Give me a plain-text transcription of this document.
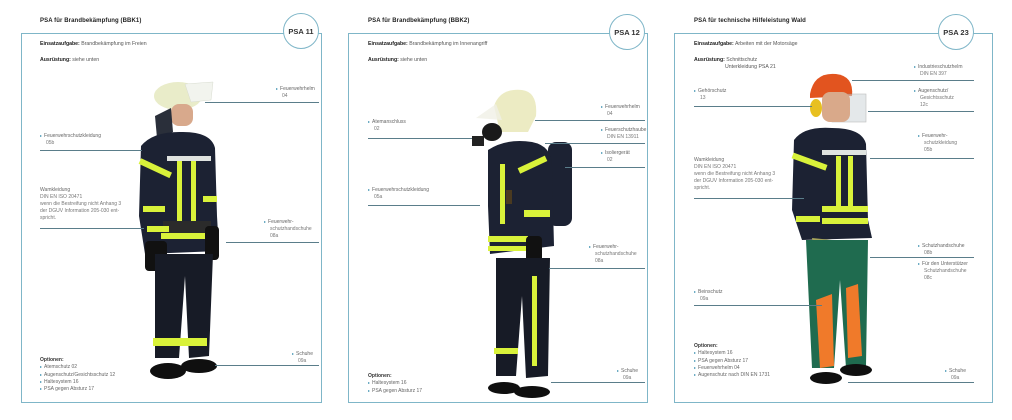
PSA für Brandbekämpfung (BBK1)
PSA 11
Einsatzaufgabe: Brandbekämpfung im Freien
Ausrüstung: siehe unten
▸ Feuerwehrhelm
04
▸ Feuerwehrschutzkleidung
05b
Wamkleidung
DIN EN ISO 20471
wenn die Bestreifung nicht Anhang 3
der DGUV Information 205-030 ent-
spricht.
▸ Feuerwehr-
schutzhandschuhe
08a
▸ Schuhe
09a
Optionen:
▸ Atemschutz 02
▸ Augenschutz/Gesichtsschutz 12
▸ Haltesystem 16
▸ PSA gegen Absturz 17
PSA für Brandbekämpfung (BBK2)
PSA 12
Einsatzaufgabe: Brandbekämpfung im Innenangriff
Ausrüstung: siehe unten
▸ Atemanschluss
02
▸ Feuerwehrschutzkleidung
05a
▸ Feuerwehrhelm
04
▸ Feuerschutzhaube
DIN EN 13911
▸ Isoliergerät
02
▸ Feuerwehr-
schutzhandschuhe
08a
▸ Schuhe
09a
Optionen:
▸ Haltesystem 16
▸ PSA gegen Absturz 17
PSA für technische Hilfeleistung Wald
PSA 23
Einsatzaufgabe: Arbeiten mit der Motorsäge
Ausrüstung: Schnittschutz
Unterkleidung PSA 21
▸ Gehörschutz
13
Wamkleidung
DIN EN ISO 20471
wenn die Bestreifung nicht Anhang 3
der DGUV Information 205-030 ent-
spricht.
▸ Beinschutz
09a
▸ Industrieschutzhelm
DIN EN 397
▸ Augenschutz/
Gesichtsschutz
12c
▸ Feuerwehr-
schutzkleidung
05b
▸ Schutzhandschuhe
08b
▸ Für den Unterstützer
Schutzhandschuhe
08c
▸ Schuhe
09a
Optionen:
▸ Haltesystem 16
▸ PSA gegen Absturz 17
▸ Feuerwehrhelm 04
▸ Augenschutz nach DIN EN 1731
